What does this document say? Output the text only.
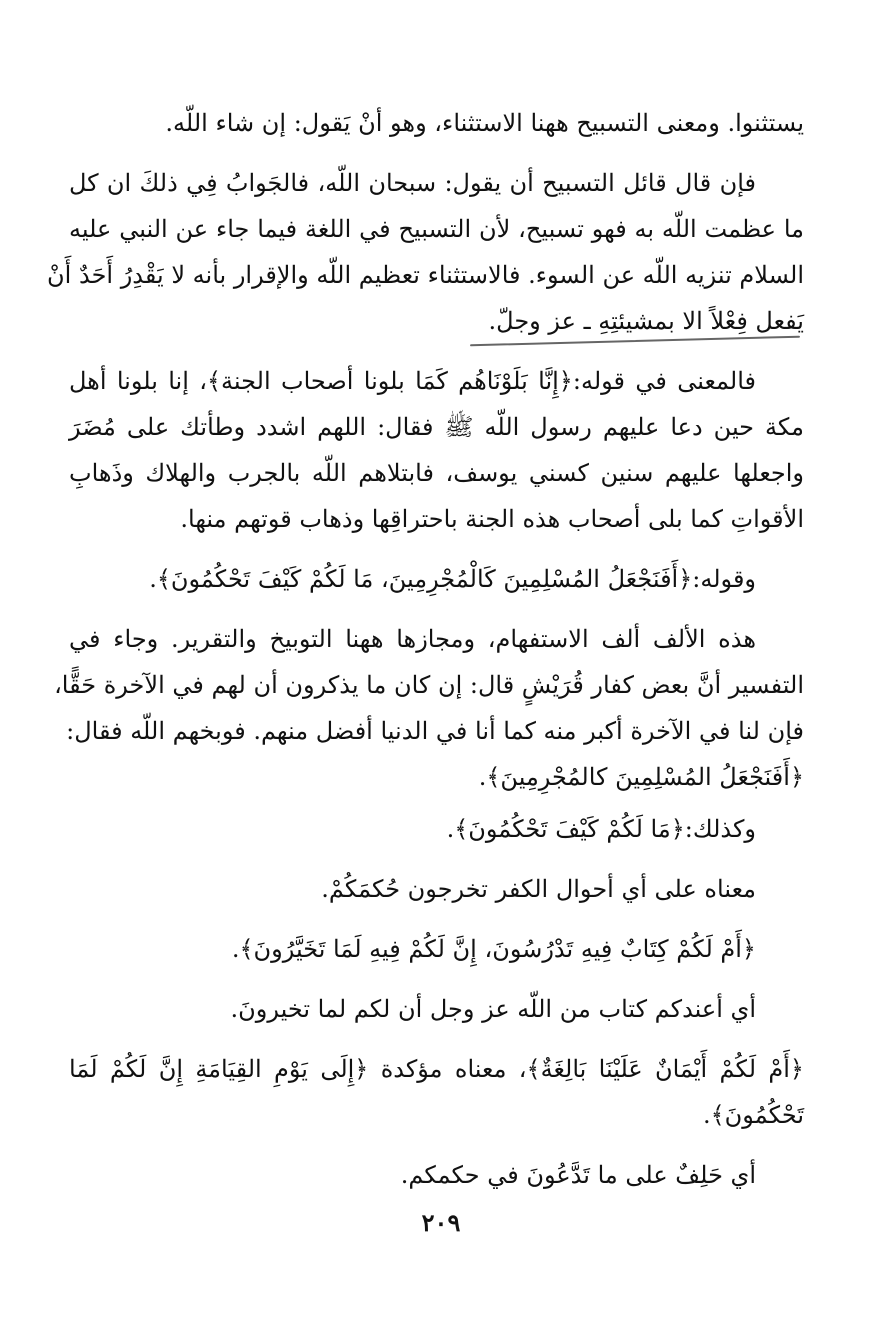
يستثنوا. ومعنى التسبيح ههنا الاستثناء، وهو أنْ يَقول: إن شاء اللّه.
فإن قال قائل التسبيح أن يقول: سبحان اللّه، فالجَوابُ فِي ذلكَ ان كل
ما عظمت اللّه به فهو تسبيح، لأن التسبيح في اللغة فيما جاء عن النبي عليه
السلام تنزيه اللّه عن السوء. فالاستثناء تعظيم اللّه والإقرار بأنه لا يَقْدِرُ أَحَدٌ أَنْ
يَفعل فِعْلاً الا بمشيئتِهِ ـ عز وجلّ.
فالمعنى في قوله:﴿إِنَّا بَلَوْنَاهُم كَمَا بلونا أصحاب الجنة﴾، إنا بلونا أهل
مكة حين دعا عليهم رسول اللّه ﷺ فقال: اللهم اشدد وطأتك على مُضَرَ
واجعلها عليهم سنين كسني يوسف، فابتلاهم اللّه بالجرب والهلاك وذَهابِ
الأقواتِ كما بلى أصحاب هذه الجنة باحتراقِها وذهاب قوتهم منها.
وقوله:﴿أَفَنَجْعَلُ المُسْلِمِينَ كَالْمُجْرِمِينَ، مَا لَكُمْ كَيْفَ تَحْكُمُونَ﴾.
هذه الألف ألف الاستفهام، ومجازها ههنا التوبيخ والتقرير. وجاء في
التفسير أنَّ بعض كفار قُرَيْشٍ قال: إن كان ما يذكرون أن لهم في الآخرة حَقًّا،
فإن لنا في الآخرة أكبر منه كما أنا في الدنيا أفضل منهم. فوبخهم اللّه فقال:
﴿أَفَنَجْعَلُ المُسْلِمِينَ كالمُجْرِمِينَ﴾.
وكذلك:﴿مَا لَكُمْ كَيْفَ تَحْكُمُونَ﴾.
معناه على أي أحوال الكفر تخرجون حُكمَكُمْ.
﴿أَمْ لَكُمْ كِتَابٌ فِيهِ تَدْرُسُونَ، إِنَّ لَكُمْ فِيهِ لَمَا تَخَيَّرُونَ﴾.
أي أعندكم كتاب من اللّه عز وجل أن لكم لما تخيرونَ.
﴿أَمْ لَكُمْ أَيْمَانٌ عَلَيْنَا بَالِغَةٌ﴾، معناه مؤكدة ﴿إِلَى يَوْمِ القِيَامَةِ إِنَّ لَكُمْ لَمَا
تَحْكُمُونَ﴾.
أي حَلِفٌ على ما تَدَّعُونَ في حكمكم.
٢٠٩
